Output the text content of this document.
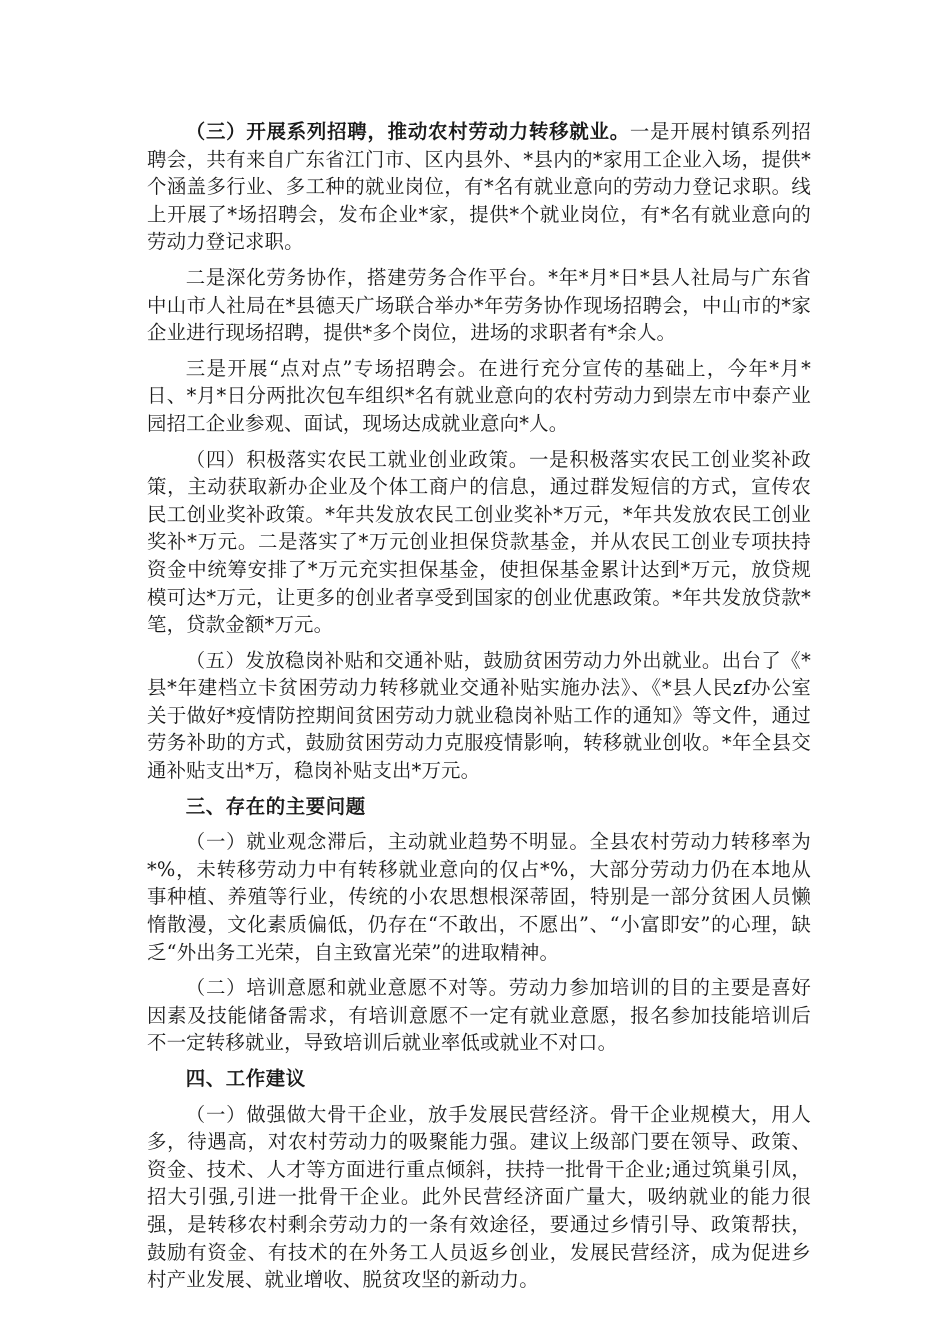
（三）开展系列招聘，推动农村劳动力转移就业。一是开展村镇系列招聘会，共有来自广东省江门市、区内县外、*县内的*家用工企业入场，提供*个涵盖多行业、多工种的就业岗位，有*名有就业意向的劳动力登记求职。线上开展了*场招聘会，发布企业*家，提供*个就业岗位，有*名有就业意向的劳动力登记求职。

二是深化劳务协作，搭建劳务合作平台。*年*月*日*县人社局与广东省中山市人社局在*县德天广场联合举办*年劳务协作现场招聘会，中山市的*家企业进行现场招聘，提供*多个岗位，进场的求职者有*余人。

三是开展“点对点”专场招聘会。在进行充分宣传的基础上，今年*月*日、*月*日分两批次包车组织*名有就业意向的农村劳动力到崇左市中泰产业园招工企业参观、面试，现场达成就业意向*人。

（四）积极落实农民工就业创业政策。一是积极落实农民工创业奖补政策，主动获取新办企业及个体工商户的信息，通过群发短信的方式，宣传农民工创业奖补政策。*年共发放农民工创业奖补*万元，*年共发放农民工创业奖补*万元。二是落实了*万元创业担保贷款基金，并从农民工创业专项扶持资金中统筹安排了*万元充实担保基金，使担保基金累计达到*万元，放贷规模可达*万元，让更多的创业者享受到国家的创业优惠政策。*年共发放贷款*笔，贷款金额*万元。

（五）发放稳岗补贴和交通补贴，鼓励贫困劳动力外出就业。出台了《*县*年建档立卡贫困劳动力转移就业交通补贴实施办法》、《*县人民zf办公室关于做好*疫情防控期间贫困劳动力就业稳岗补贴工作的通知》等文件，通过劳务补助的方式，鼓励贫困劳动力克服疫情影响，转移就业创收。*年全县交通补贴支出*万，稳岗补贴支出*万元。

三、存在的主要问题

（一）就业观念滞后，主动就业趋势不明显。全县农村劳动力转移率为*%，未转移劳动力中有转移就业意向的仅占*%，大部分劳动力仍在本地从事种植、养殖等行业，传统的小农思想根深蒂固，特别是一部分贫困人员懒惰散漫，文化素质偏低，仍存在“不敢出，不愿出”、“小富即安”的心理，缺乏“外出务工光荣，自主致富光荣”的进取精神。

（二）培训意愿和就业意愿不对等。劳动力参加培训的目的主要是喜好因素及技能储备需求，有培训意愿不一定有就业意愿，报名参加技能培训后不一定转移就业，导致培训后就业率低或就业不对口。

四、工作建议

（一）做强做大骨干企业，放手发展民营经济。骨干企业规模大，用人多，待遇高，对农村劳动力的吸聚能力强。建议上级部门要在领导、政策、资金、技术、人才等方面进行重点倾斜，扶持一批骨干企业;通过筑巢引凤，招大引强,引进一批骨干企业。此外民营经济面广量大，吸纳就业的能力很强，是转移农村剩余劳动力的一条有效途径，要通过乡情引导、政策帮扶，鼓励有资金、有技术的在外务工人员返乡创业，发展民营经济，成为促进乡村产业发展、就业增收、脱贫攻坚的新动力。
